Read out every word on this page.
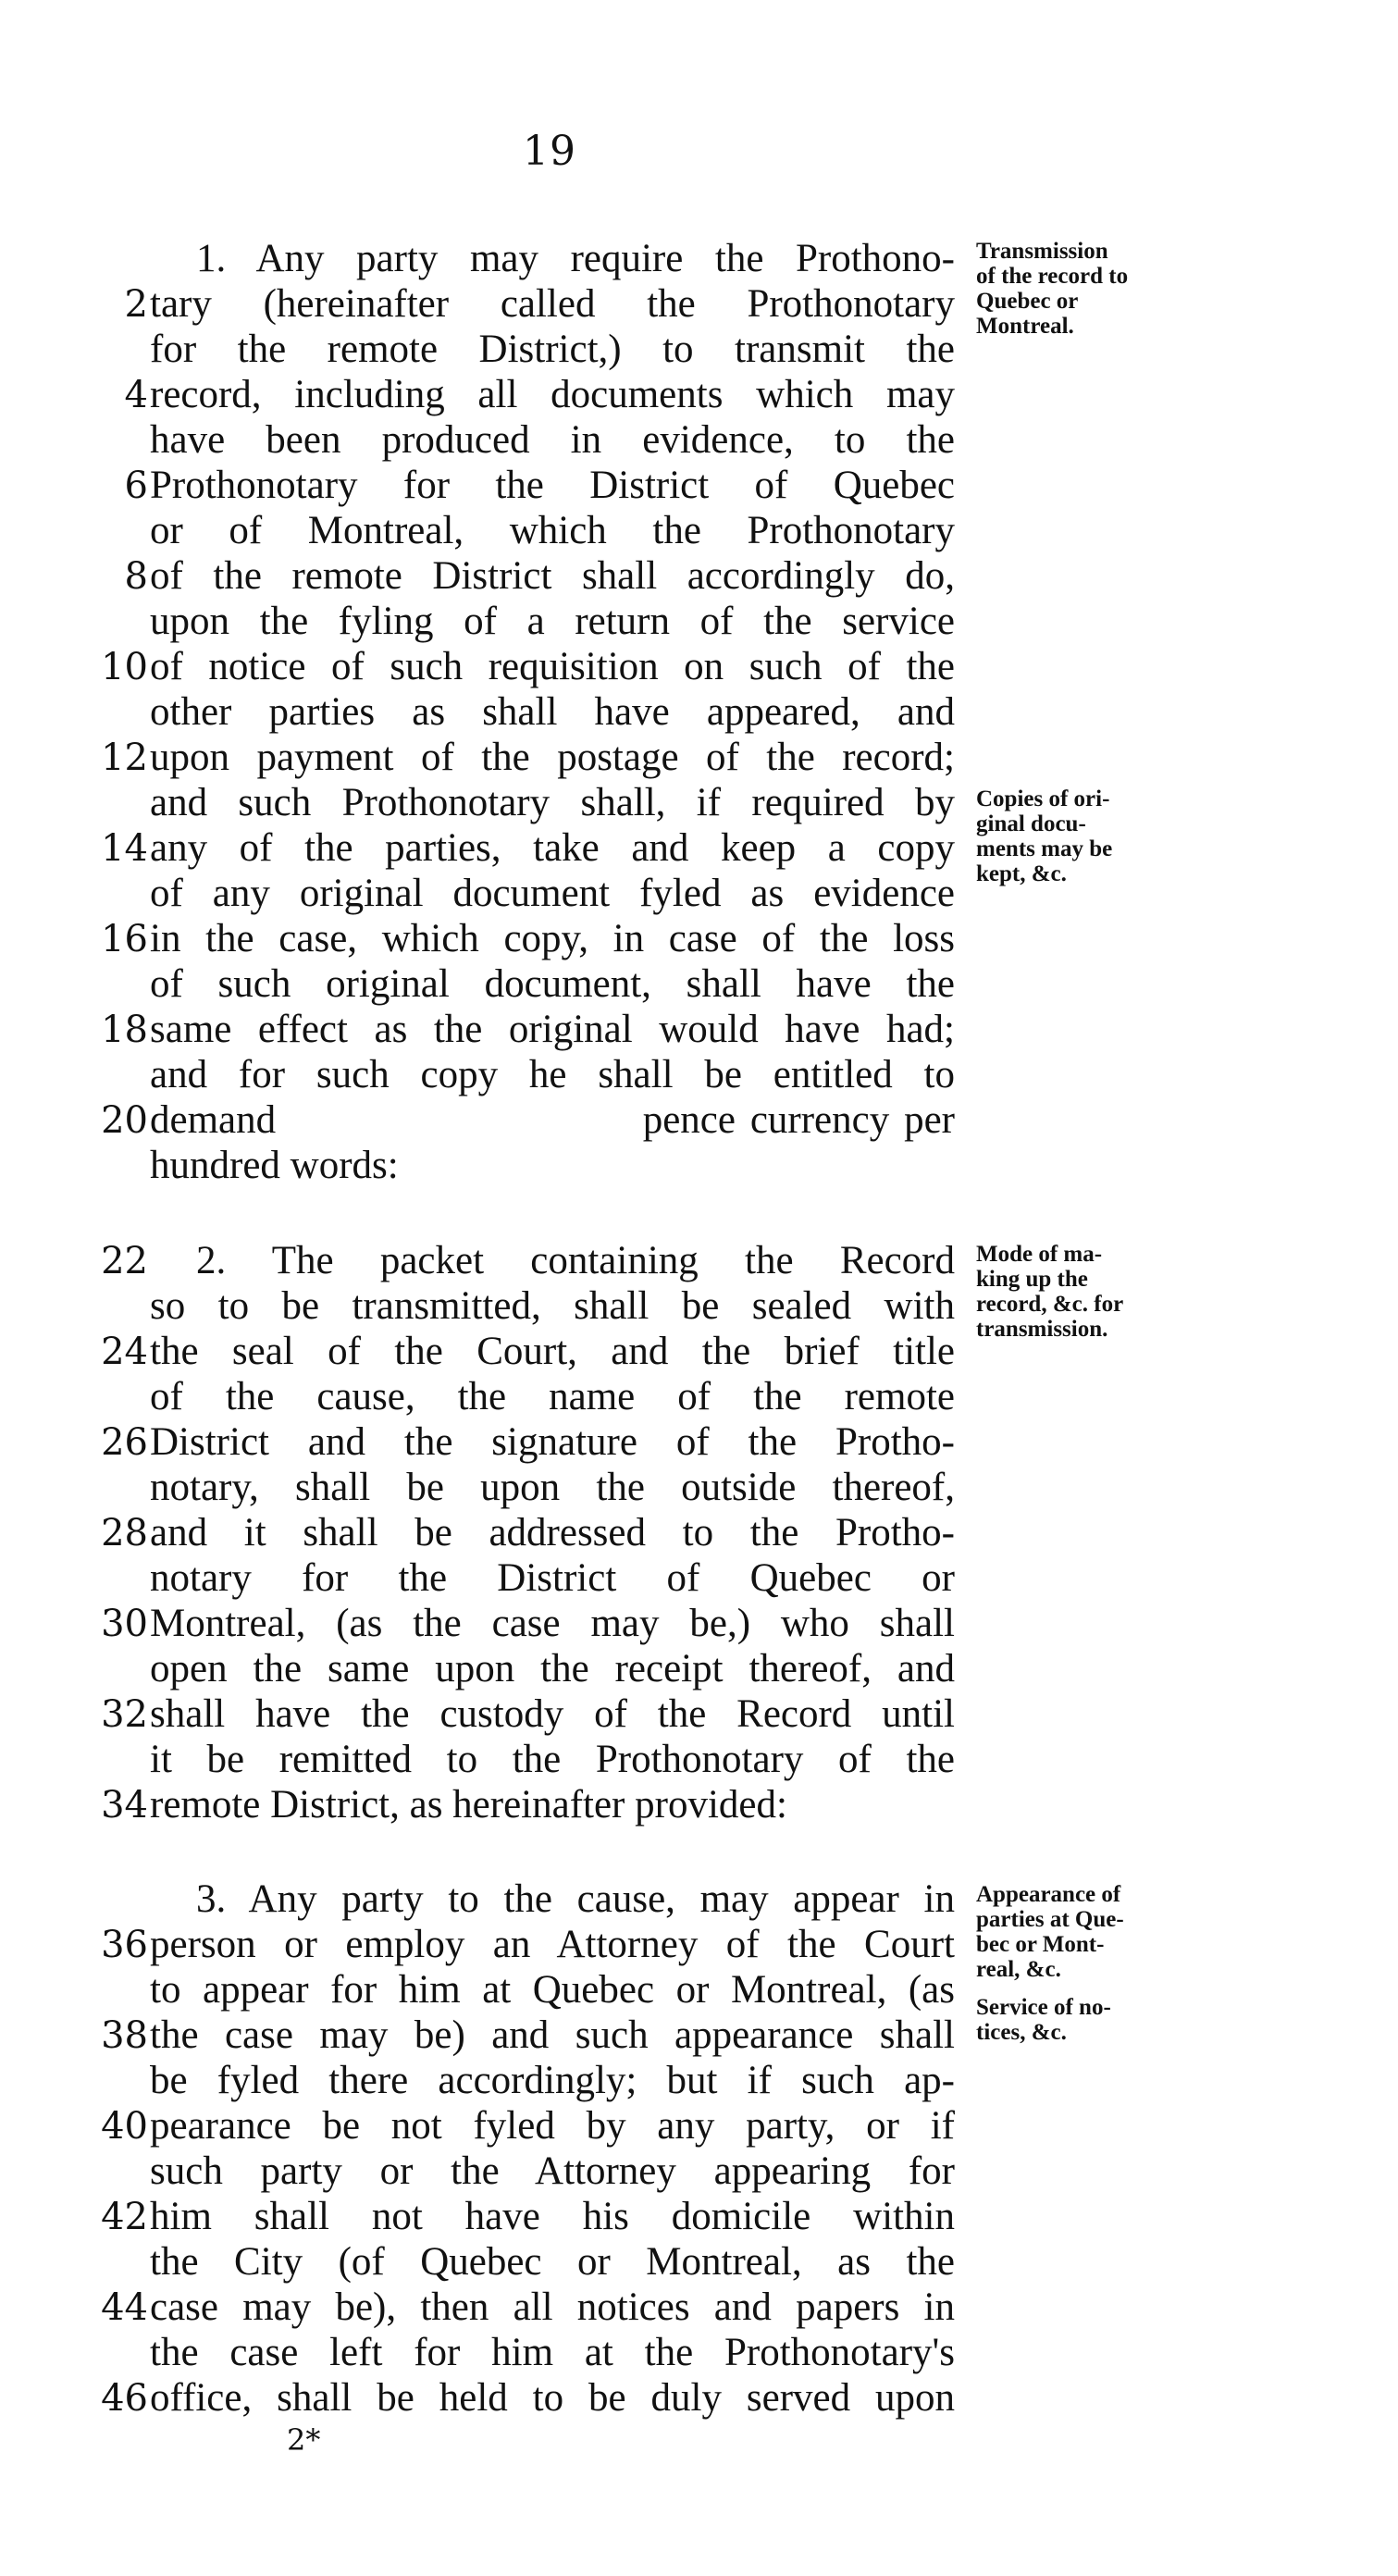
19
1. Any party may require the Prothono-
2 tary (hereinafter called the Prothonotary
for the remote District,) to transmit the
4 record, including all documents which may
have been produced in evidence, to the
6 Prothonotary for the District of Quebec
or of Montreal, which the Prothonotary
8 of the remote District shall accordingly do,
upon the fyling of a return of the service
10 of notice of such requisition on such of the
other parties as shall have appeared, and
12 upon payment of the postage of the record;
and such Prothonotary shall, if required by
14 any of the parties, take and keep a copy
of any original document fyled as evidence
16 in the case, which copy, in case of the loss
of such original document, shall have the
18 same effect as the original would have had;
and for such copy he shall be entitled to
20 demand                         pence currency per
hundred words:
22 2. The packet containing the Record
so to be transmitted, shall be sealed with
24 the seal of the Court, and the brief title
of the cause, the name of the remote
26 District and the signature of the Protho-
notary, shall be upon the outside thereof,
28 and it shall be addressed to the Protho-
notary for the District of Quebec or
30 Montreal, (as the case may be,) who shall
open the same upon the receipt thereof, and
32 shall have the custody of the Record until
it be remitted to the Prothonotary of the
34 remote District, as hereinafter provided:
3. Any party to the cause, may appear in
36 person or employ an Attorney of the Court
to appear for him at Quebec or Montreal, (as
38 the case may be) and such appearance shall
be fyled there accordingly; but if such ap-
40 pearance be not fyled by any party, or if
such party or the Attorney appearing for
42 him shall not have his domicile within
the City (of Quebec or Montreal, as the
44 case may be), then all notices and papers in
the case left for him at the Prothonotary's
46 office, shall be held to be duly served upon
Transmission
of the record to
Quebec or
Montreal.
Copies of ori-
ginal docu-
ments may be
kept, &c.
Mode of ma-
king up the
record, &c. for
transmission.
Appearance of
parties at Que-
bec or Mont-
real, &c.
Service of no-
tices, &c.
2*
